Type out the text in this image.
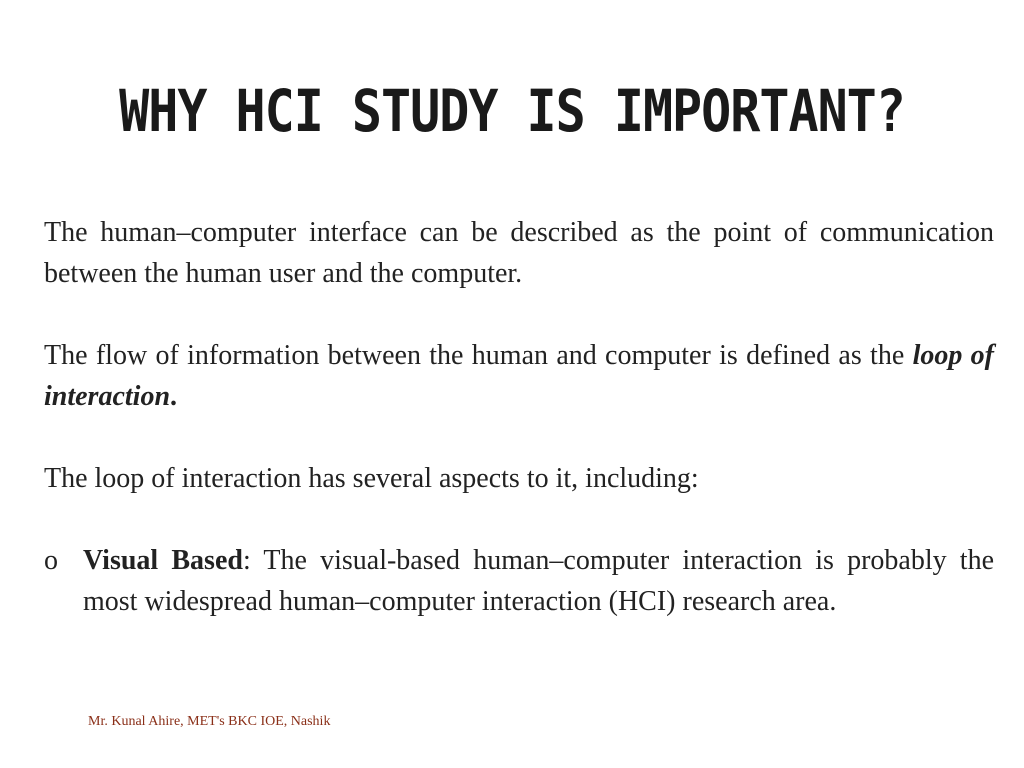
WHY HCI STUDY IS IMPORTANT?

The human–computer interface can be described as the point of communication between the human user and the computer.

The flow of information between the human and computer is defined as the loop of interaction.

The loop of interaction has several aspects to it, including:

o Visual Based: The visual-based human–computer interaction is probably the most widespread human–computer interaction (HCI) research area.
Mr. Kunal Ahire, MET's BKC IOE, Nashik
